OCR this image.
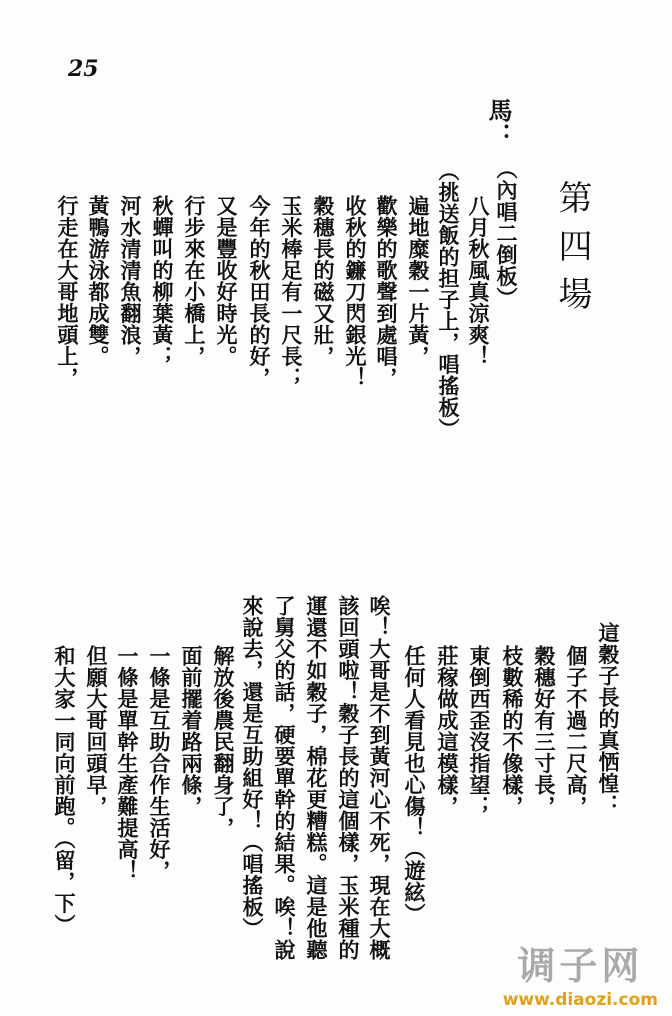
25
第四場
馬：
（內唱二倒板）
八月秋風真涼爽！
（挑送飯的担子上，唱搖板）
遍地糜穀一片黃，
歡樂的歌聲到處唱，
收秋的鐮刀閃銀光！
穀穗長的磁又壯，
玉米棒足有一尺長；
今年的秋田長的好，
又是豐收好時光。
行步來在小橋上，
秋蟬叫的柳葉黃；
河水清清魚翻浪，
黃鴨游泳都成雙。
行走在大哥地頭上，
這穀子長的真恓惶：
個子不過二尺高，
穀穗好有三寸長，
枝數稀的不像樣，
東倒西歪沒指望；
莊稼做成這模樣，
任何人看見也心傷！（遊絃）
唉！大哥是不到黃河心不死，現在大概
該回頭啦！穀子長的這個樣，玉米種的
運還不如穀子，棉花更糟糕。這是他聽
了舅父的話，硬要單幹的結果。唉！說
來說去，還是互助組好！（唱搖板）
解放後農民翻身了，
面前擺着路兩條，
一條是互助合作生活好，
一條是單幹生產難提高！
但願大哥回頭早，
和大家一同向前跑。（留，下）
调子网
www.diaozi.com
